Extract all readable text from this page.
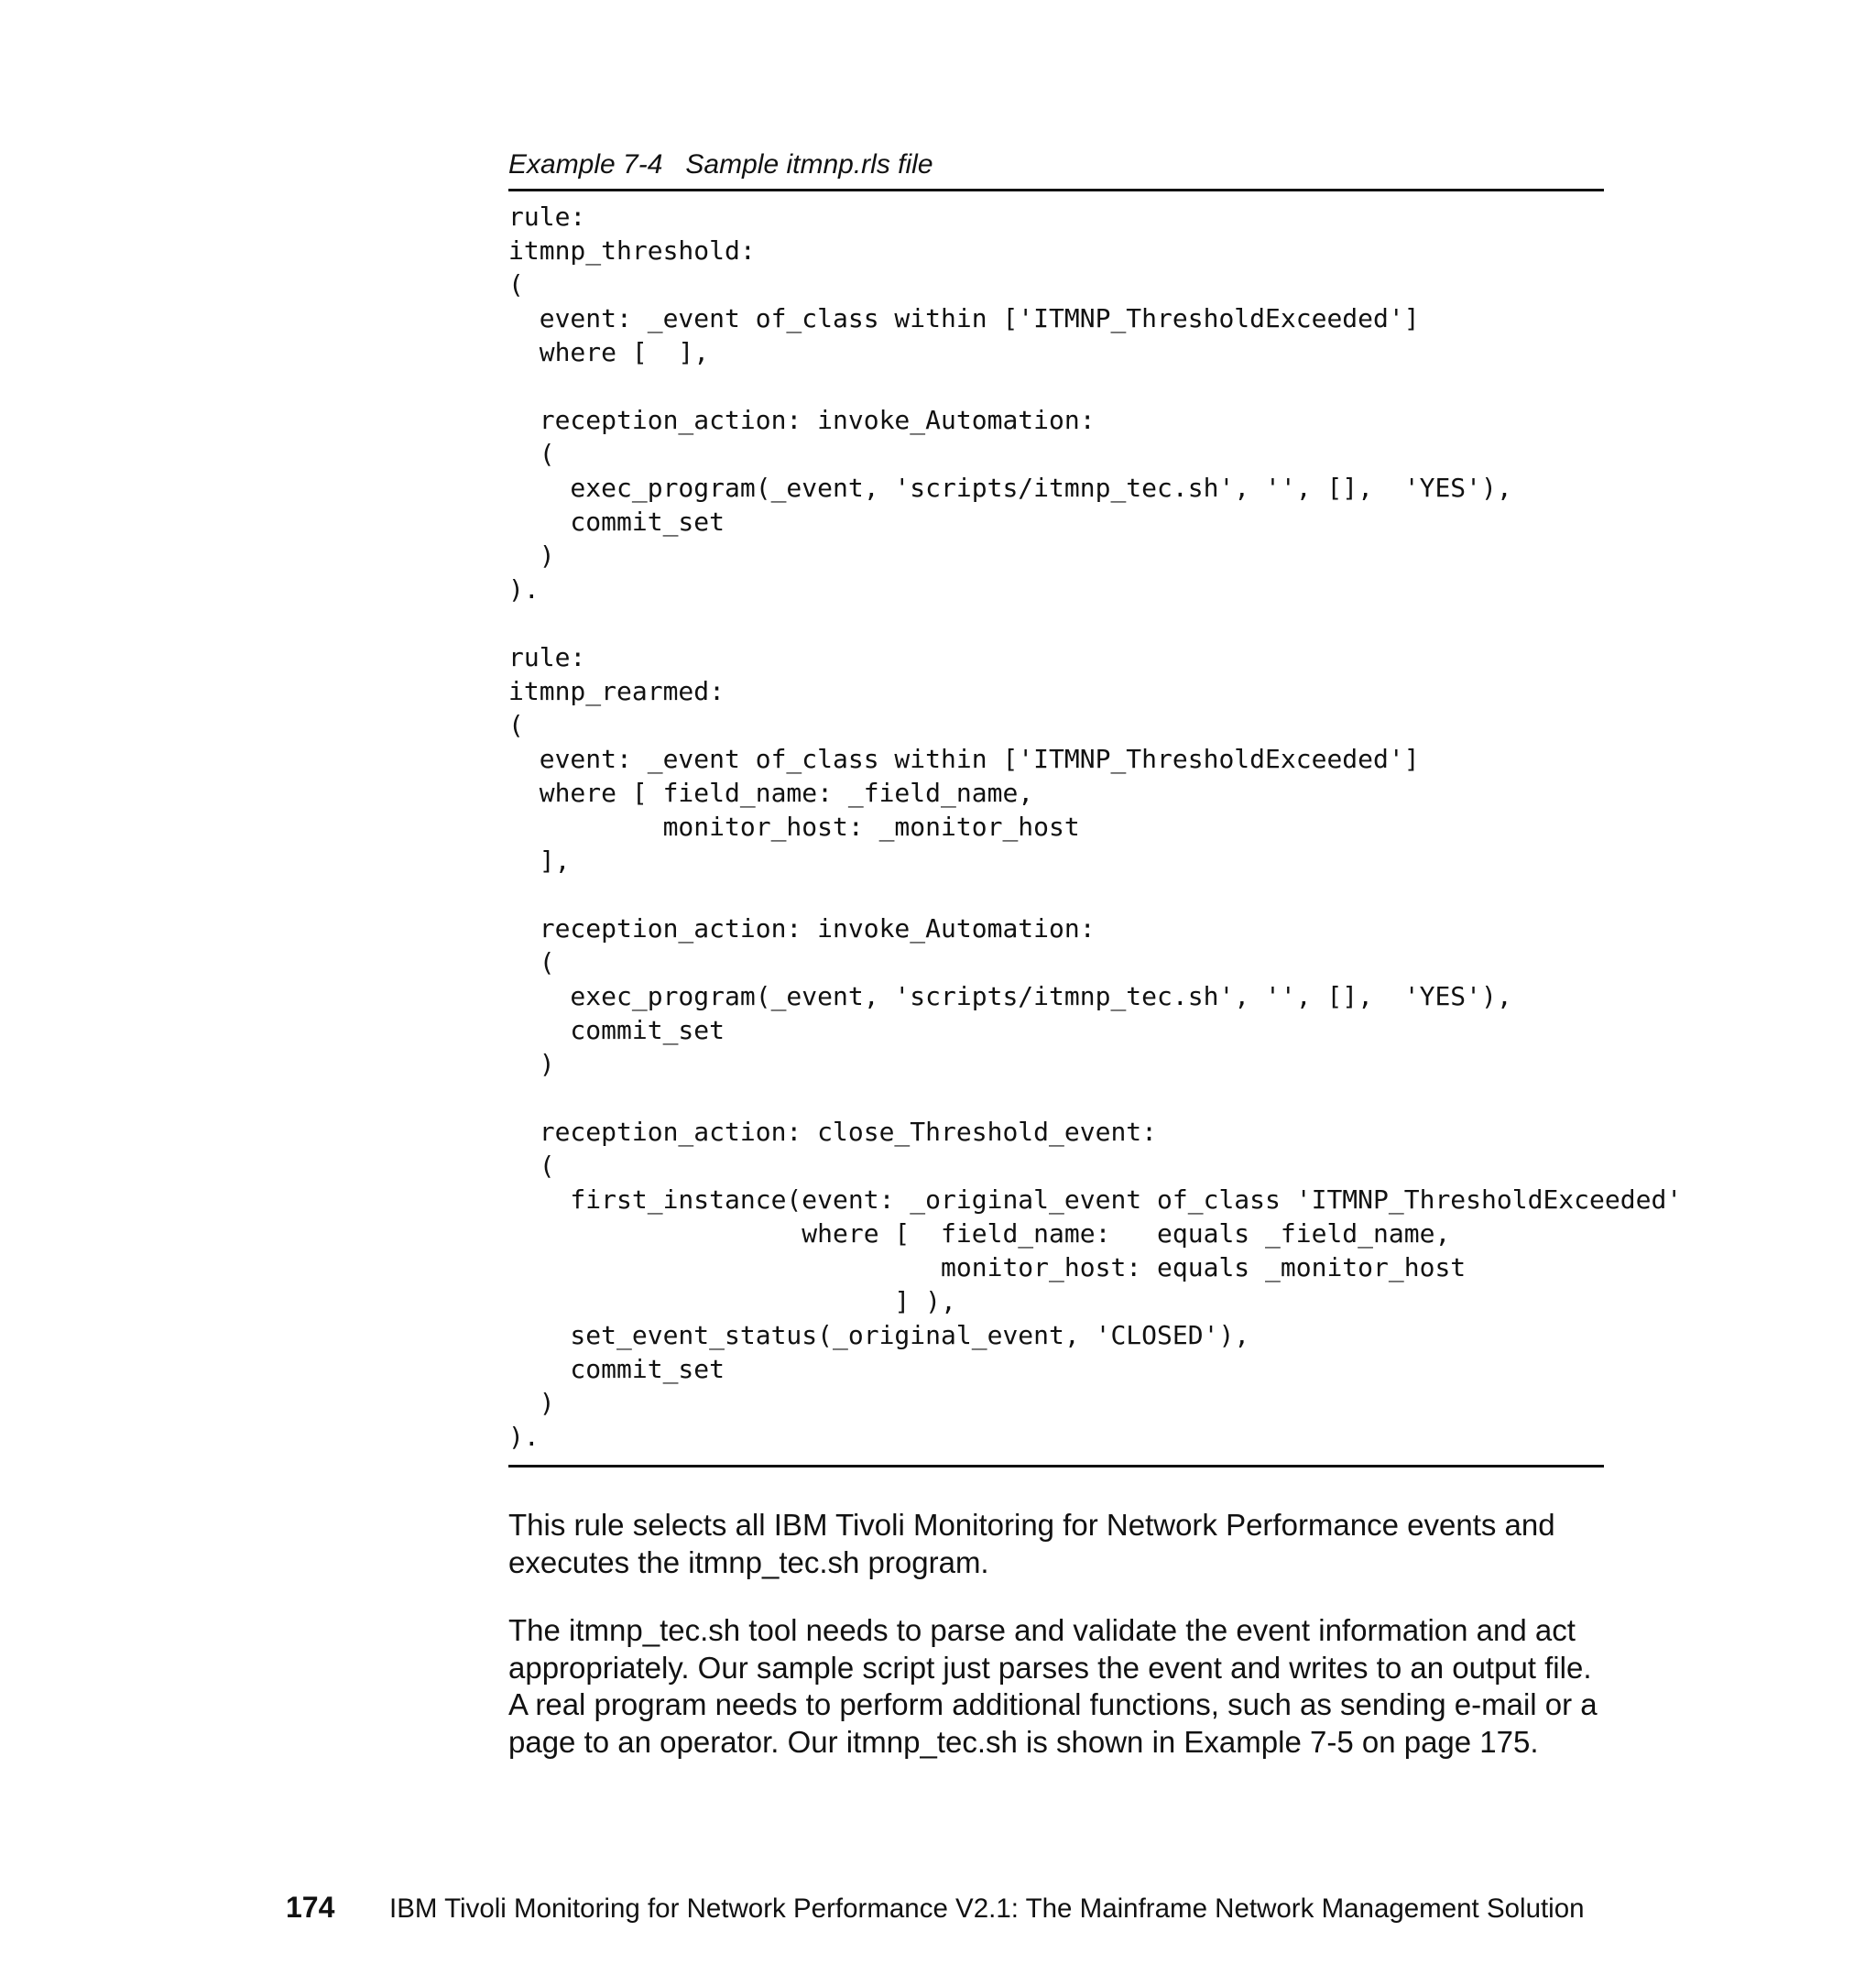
Example 7-4   Sample itmnp.rls file
rule:
itmnp_threshold:
(
event: _event of_class within ['ITMNP_ThresholdExceeded']
where [  ],
reception_action: invoke_Automation:
(
exec_program(_event, 'scripts/itmnp_tec.sh', '', [],  'YES'),
commit_set
)
).
rule:
itmnp_rearmed:
(
event: _event of_class within ['ITMNP_ThresholdExceeded']
where [ field_name: _field_name,
monitor_host: _monitor_host
],
reception_action: invoke_Automation:
(
exec_program(_event, 'scripts/itmnp_tec.sh', '', [],  'YES'),
commit_set
)
reception_action: close_Threshold_event:
(
first_instance(event: _original_event of_class 'ITMNP_ThresholdExceeded'
where [  field_name:   equals _field_name,
monitor_host: equals _monitor_host
] ),
set_event_status(_original_event, 'CLOSED'),
commit_set
)
).

This rule selects all IBM Tivoli Monitoring for Network Performance events and executes the itmnp_tec.sh program.

The itmnp_tec.sh tool needs to parse and validate the event information and act appropriately. Our sample script just parses the event and writes to an output file. A real program needs to perform additional functions, such as sending e-mail or a page to an operator. Our itmnp_tec.sh is shown in Example 7-5 on page 175.

174 IBM Tivoli Monitoring for Network Performance V2.1: The Mainframe Network Management Solution
